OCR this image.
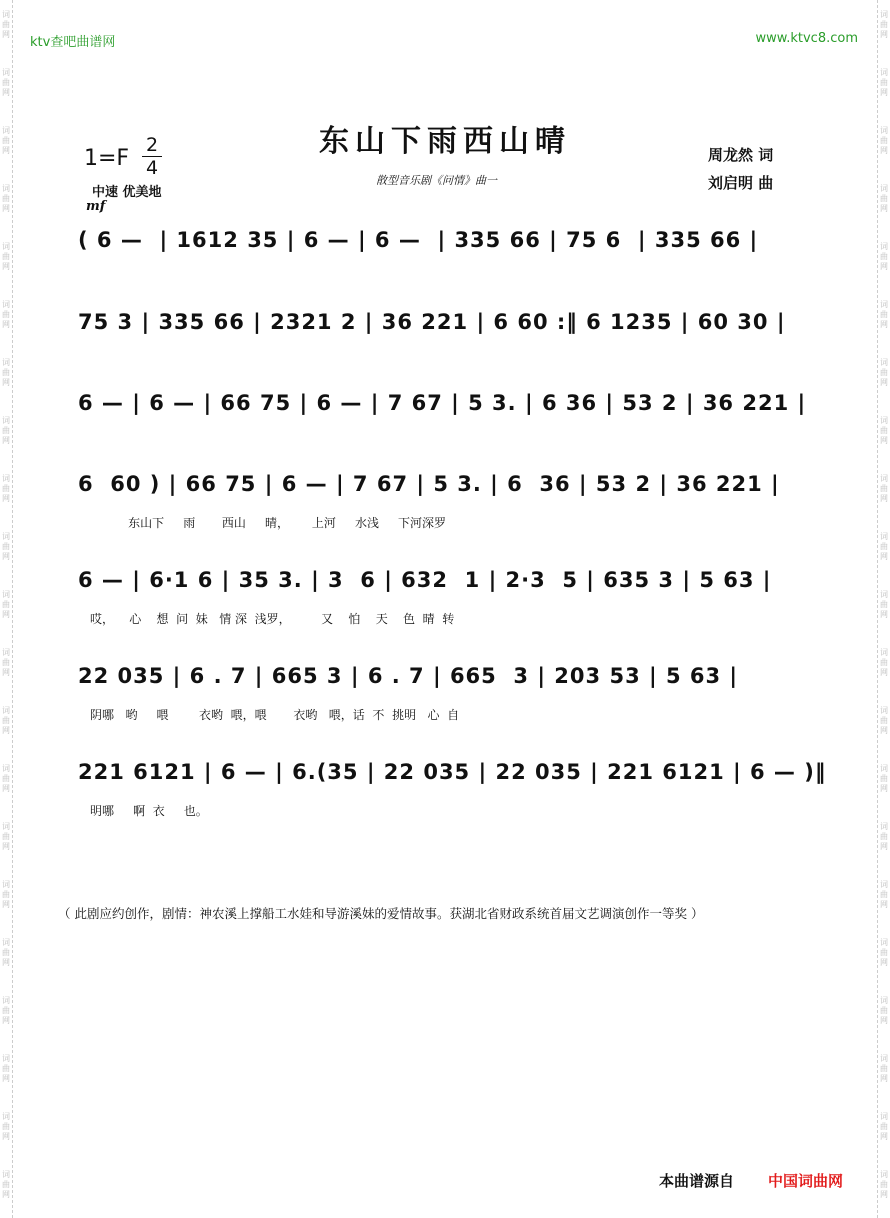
词
曲
网
词
曲
网
词
曲
网
词
曲
网
词
曲
网
词
曲
网
词
曲
网
词
曲
网
词
曲
网
词
曲
网
词
曲
网
词
曲
网
词
曲
网
词
曲
网
词
曲
网
词
曲
网
词
曲
网
词
曲
网
词
曲
网
词
曲
网
词
曲
网
词
曲
网
词
曲
网
词
曲
网
词
曲
网
词
曲
网
词
曲
网
词
曲
网
词
曲
网
词
曲
网
词
曲
网
词
曲
网
词
曲
网
词
曲
网
词
曲
网
词
曲
网
词
曲
网
词
曲
网
词
曲
网
词
曲
网
词
曲
网
词
曲
网
ktv查吧曲谱网	www.ktvc8.com
1=F
2
4
中速 优美地
mf
东山下雨西山晴
散型音乐剧《问情》曲一
周龙然 词
刘启明 曲
( 6 —  | 1612 35 | 6 — | 6 —  | 335 66 | 75 6  | 335 66 |
75 3 | 335 66 | 2321 2 | 36 221 | 6 60 :‖ 6 1235 | 60 30 |
6 — | 6 — | 66 75 | 6 — | 7 67 | 5 3. | 6 36 | 53 2 | 36 221 |
6  60 ) | 66 75 | 6 — | 7 67 | 5 3. | 6  36 | 53 2 | 36 221 |
东山下     雨       西山     晴，      上河     水浅     下河深罗
6 — | 6·1 6 | 35 3. | 3  6 | 632  1 | 2·3  5 | 635 3 | 5 63 |
哎，    心    想  问  妹   情 深  浅罗，        又    怕    天    色  晴  转
22 035 | 6 . 7 | 665 3 | 6 . 7 | 665  3 | 203 53 | 5 63 |
阴哪   哟     喂        衣哟  喂，喂       衣哟   喂，话  不  挑明   心  自
221 6121 | 6 — | 6.(35 | 22 035 | 22 035 | 221 6121 | 6 — )‖
明哪     啊  衣     也。
（ 此剧应约创作，剧情：神农溪上撑船工水娃和导游溪妹的爱情故事。获湖北省财政系统首届文艺调演创作一等奖 ）
本曲谱源自 中国词曲网
